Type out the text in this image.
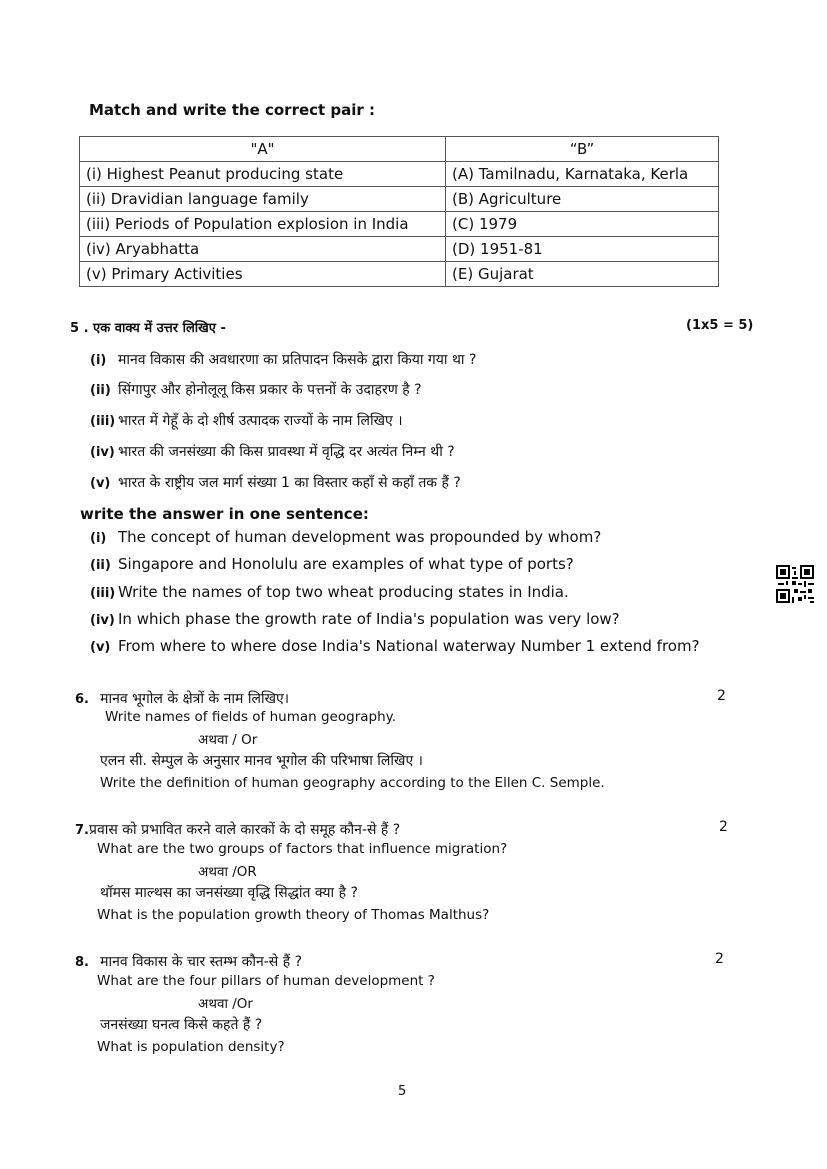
Match and write the correct pair :
"A"	“B”
(i) Highest Peanut producing state	(A) Tamilnadu, Karnataka, Kerla
(ii) Dravidian language family	(B) Agriculture
(iii) Periods of Population explosion in India	(C) 1979
(iv) Aryabhatta	(D) 1951-81
(v) Primary Activities	(E) Gujarat
5 . एक वाक्य में उत्तर लिखिए -	(1x5 = 5)
(i) मानव विकास की अवधारणा का प्रतिपादन किसके द्वारा किया गया था ?
(ii) सिंगापुर और होनोलूलू किस प्रकार के पत्तनों के उदाहरण है ?
(iii) भारत में गेहूँ के दो शीर्ष उत्पादक राज्यों के नाम लिखिए ।
(iv) भारत की जनसंख्या की किस प्रावस्था में वृद्धि दर अत्यंत निम्न थी ?
(v) भारत के राष्ट्रीय जल मार्ग संख्या 1 का विस्तार कहाँ से कहाँ तक हैं ?
write the answer in one sentence:
(i) The concept of human development was propounded by whom?
(ii) Singapore and Honolulu are examples of what type of ports?
(iii) Write the names of top two wheat producing states in India.
(iv) In which phase the growth rate of India's population was very low?
(v) From where to where dose India's National waterway Number 1 extend from?
6. मानव भूगोल के क्षेत्रों के नाम लिखिए।	2
Write names of fields of human geography.
अथवा / Or
एलन सी. सेम्पुल के अनुसार मानव भूगोल की परिभाषा लिखिए ।
Write the definition of human geography according to the Ellen C. Semple.
7.प्रवास को प्रभावित करने वाले कारकों के दो समूह कौन-से हैं ?	2
What are the two groups of factors that influence migration?
अथवा /OR
थॉमस माल्थस का जनसंख्या वृद्धि सिद्धांत क्या है ?
What is the population growth theory of Thomas Malthus?
8. मानव विकास के चार स्तम्भ कौन-से हैं ?	2
What are the four pillars of human development ?
अथवा /Or
जनसंख्या घनत्व किसे कहते हैं ?
What is population density?
5
